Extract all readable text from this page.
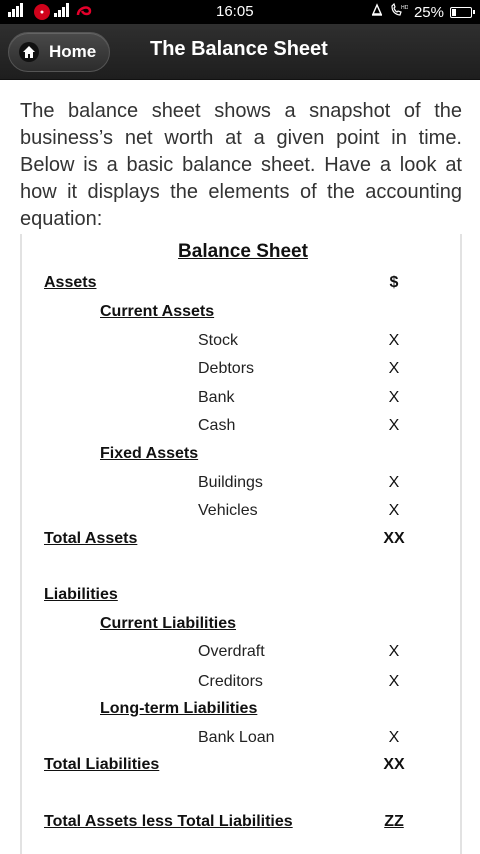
●	16:05	HD 25%
Home	The Balance Sheet

The balance sheet shows a snapshot of the business’s net worth at a given point in time. Below is a basic balance sheet. Have a look at how it displays the elements of the accounting equation:

Balance Sheet
Assets	$
Current Assets
Stock	X
Debtors	X
Bank	X
Cash	X
Fixed Assets
Buildings	X
Vehicles	X
Total Assets	XX
Liabilities
Current Liabilities
Overdraft	X
Creditors	X
Long-term Liabilities
Bank Loan	X
Total Liabilities	XX
Total Assets less Total Liabilities	ZZ
